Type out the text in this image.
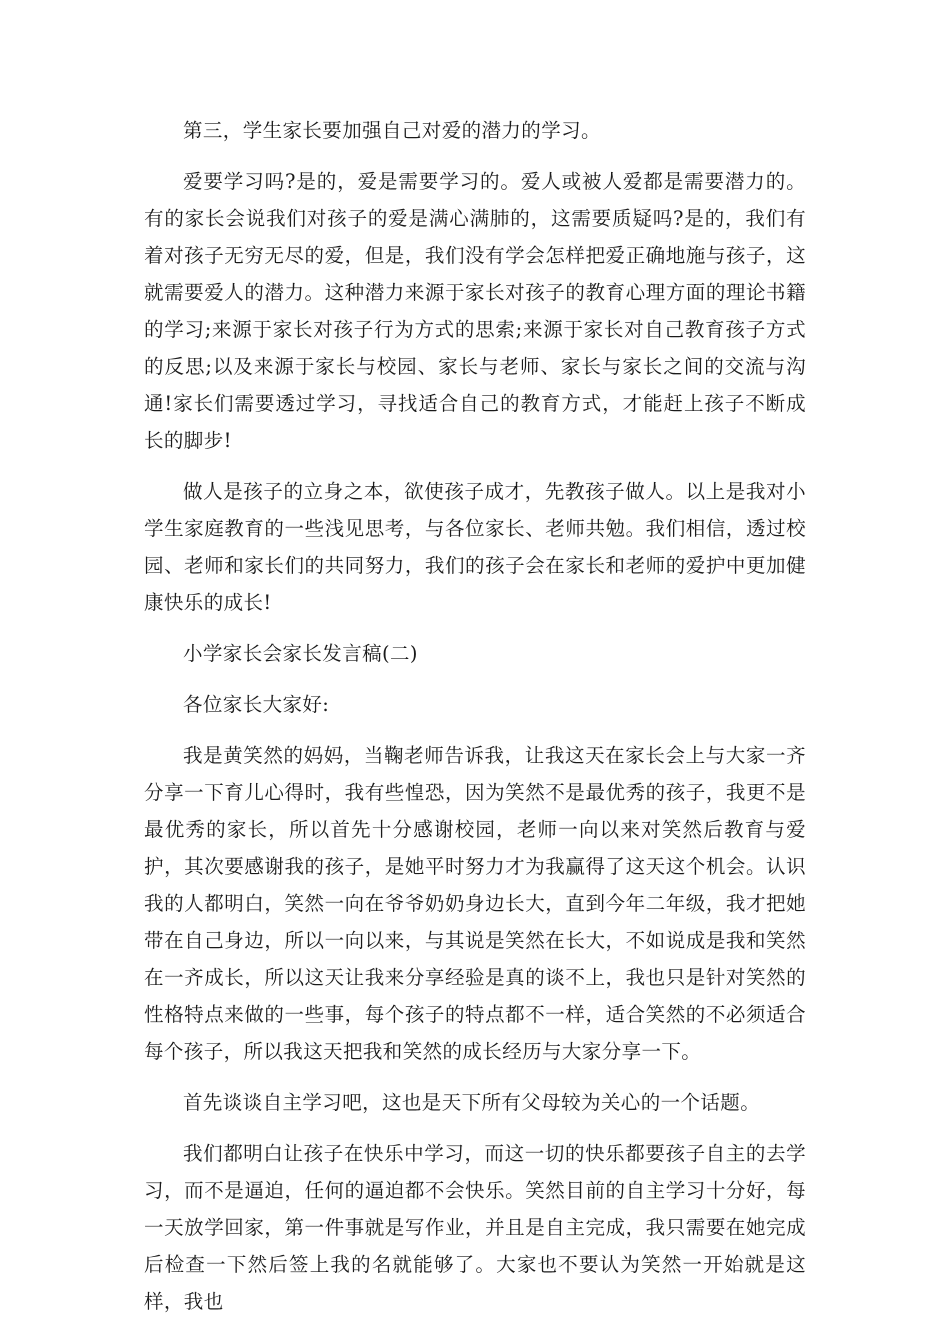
第三，学生家长要加强自己对爱的潜力的学习。

爱要学习吗?是的，爱是需要学习的。爱人或被人爱都是需要潜力的。有的家长会说我们对孩子的爱是满心满肺的，这需要质疑吗?是的，我们有着对孩子无穷无尽的爱，但是，我们没有学会怎样把爱正确地施与孩子，这就需要爱人的潜力。这种潜力来源于家长对孩子的教育心理方面的理论书籍的学习;来源于家长对孩子行为方式的思索;来源于家长对自己教育孩子方式的反思;以及来源于家长与校园、家长与老师、家长与家长之间的交流与沟通!家长们需要透过学习，寻找适合自己的教育方式，才能赶上孩子不断成长的脚步!

做人是孩子的立身之本，欲使孩子成才，先教孩子做人。以上是我对小学生家庭教育的一些浅见思考，与各位家长、老师共勉。我们相信，透过校园、老师和家长们的共同努力，我们的孩子会在家长和老师的爱护中更加健康快乐的成长!

小学家长会家长发言稿(二)

各位家长大家好:

我是黄笑然的妈妈，当鞠老师告诉我，让我这天在家长会上与大家一齐分享一下育儿心得时，我有些惶恐，因为笑然不是最优秀的孩子，我更不是最优秀的家长，所以首先十分感谢校园，老师一向以来对笑然后教育与爱护，其次要感谢我的孩子，是她平时努力才为我赢得了这天这个机会。认识我的人都明白，笑然一向在爷爷奶奶身边长大，直到今年二年级，我才把她带在自己身边，所以一向以来，与其说是笑然在长大，不如说成是我和笑然在一齐成长，所以这天让我来分享经验是真的谈不上，我也只是针对笑然的性格特点来做的一些事，每个孩子的特点都不一样，适合笑然的不必须适合每个孩子，所以我这天把我和笑然的成长经历与大家分享一下。

首先谈谈自主学习吧，这也是天下所有父母较为关心的一个话题。

我们都明白让孩子在快乐中学习，而这一切的快乐都要孩子自主的去学习，而不是逼迫，任何的逼迫都不会快乐。笑然目前的自主学习十分好，每一天放学回家，第一件事就是写作业，并且是自主完成，我只需要在她完成后检查一下然后签上我的名就能够了。大家也不要认为笑然一开始就是这样，我也
